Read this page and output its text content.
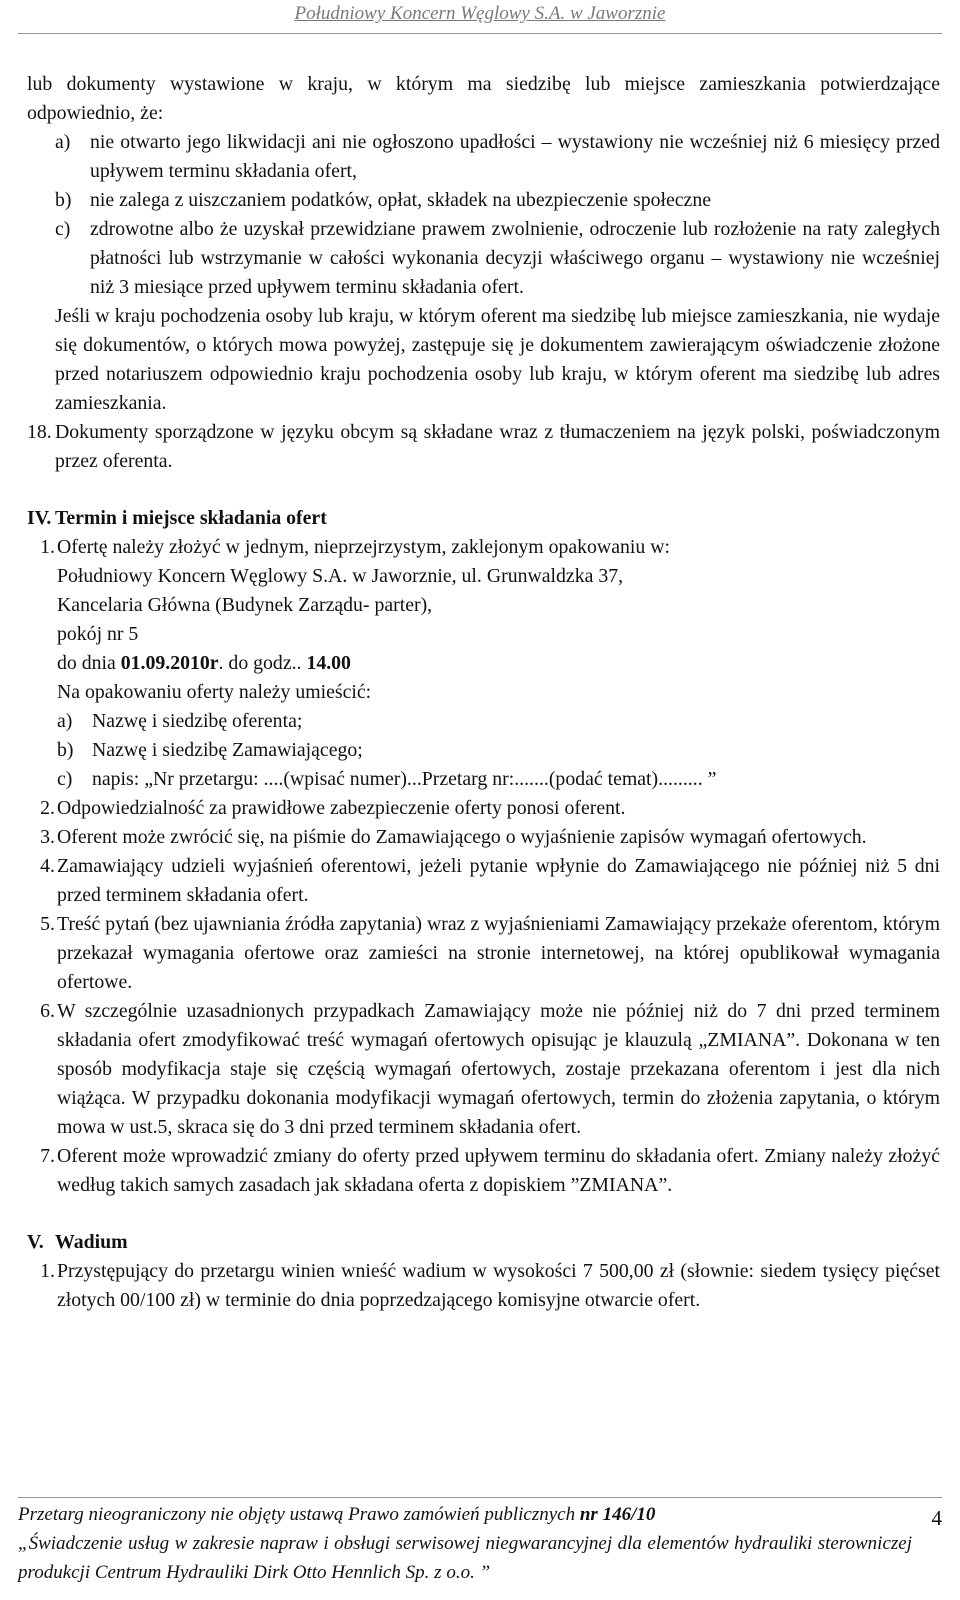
Południowy Koncern Węglowy S.A. w Jaworznie

lub dokumenty wystawione w kraju, w którym ma siedzibę lub miejsce zamieszkania potwierdzające odpowiednio, że:

a) nie otwarto jego likwidacji ani nie ogłoszono upadłości – wystawiony nie wcześniej niż 6 miesięcy przed upływem terminu składania ofert,
b) nie zalega z uiszczaniem podatków, opłat, składek na ubezpieczenie społeczne
c) zdrowotne albo że uzyskał przewidziane prawem zwolnienie, odroczenie lub rozłożenie na raty zaległych płatności lub wstrzymanie w całości wykonania decyzji właściwego organu – wystawiony nie wcześniej niż 3 miesiące przed upływem terminu składania ofert.

Jeśli w kraju pochodzenia osoby lub kraju, w którym oferent ma siedzibę lub miejsce zamieszkania, nie wydaje się dokumentów, o których mowa powyżej, zastępuje się je dokumentem zawierającym oświadczenie złożone przed notariuszem odpowiednio kraju pochodzenia osoby lub kraju, w którym oferent ma siedzibę lub adres zamieszkania.

18. Dokumenty sporządzone w języku obcym są składane wraz z tłumaczeniem na język polski, poświadczonym przez oferenta.
IV. Termin i miejsce składania ofert
1. Ofertę należy złożyć w jednym, nieprzejrzystym, zaklejonym opakowaniu w:
Południowy Koncern Węglowy S.A. w Jaworznie, ul. Grunwaldzka 37,
Kancelaria Główna (Budynek Zarządu- parter),
pokój nr 5
do dnia 01.09.2010r. do godz.. 14.00
Na opakowaniu oferty należy umieścić:
a) Nazwę i siedzibę oferenta;
b) Nazwę i siedzibę Zamawiającego;
c) napis: „Nr przetargu: ....(wpisać numer)...Przetarg nr:.......(podać temat)......... ”
2. Odpowiedzialność za prawidłowe zabezpieczenie oferty ponosi oferent.
3. Oferent może zwrócić się, na piśmie do Zamawiającego o wyjaśnienie zapisów wymagań ofertowych.
4. Zamawiający udzieli wyjaśnień oferentowi, jeżeli pytanie wpłynie do Zamawiającego nie później niż 5 dni przed terminem składania ofert.
5. Treść pytań (bez ujawniania źródła zapytania) wraz z wyjaśnieniami Zamawiający przekaże oferentom, którym przekazał wymagania ofertowe oraz zamieści na stronie internetowej, na której opublikował wymagania ofertowe.
6. W szczególnie uzasadnionych przypadkach Zamawiający może nie później niż do 7 dni przed terminem składania ofert zmodyfikować treść wymagań ofertowych opisując je klauzulą „ZMIANA”. Dokonana w ten sposób modyfikacja staje się częścią wymagań ofertowych, zostaje przekazana oferentom i jest dla nich wiążąca. W przypadku dokonania modyfikacji wymagań ofertowych, termin do złożenia zapytania, o którym mowa w ust.5, skraca się do 3 dni przed terminem składania ofert.
7. Oferent może wprowadzić zmiany do oferty przed upływem terminu do składania ofert. Zmiany należy złożyć według takich samych zasadach jak składana oferta z dopiskiem ”ZMIANA”.
V. Wadium
1. Przystępujący do przetargu winien wnieść wadium w wysokości 7 500,00 zł (słownie: siedem tysięcy pięćset złotych 00/100 zł) w terminie do dnia poprzedzającego komisyjne otwarcie ofert.
Przetarg nieograniczony nie objęty ustawą Prawo zamówień publicznych nr 146/10
„Świadczenie usług w zakresie napraw i obsługi serwisowej niegwarancyjnej dla elementów hydrauliki sterowniczej produkcji Centrum Hydrauliki Dirk Otto Hennlich Sp. z o.o. ”
4
